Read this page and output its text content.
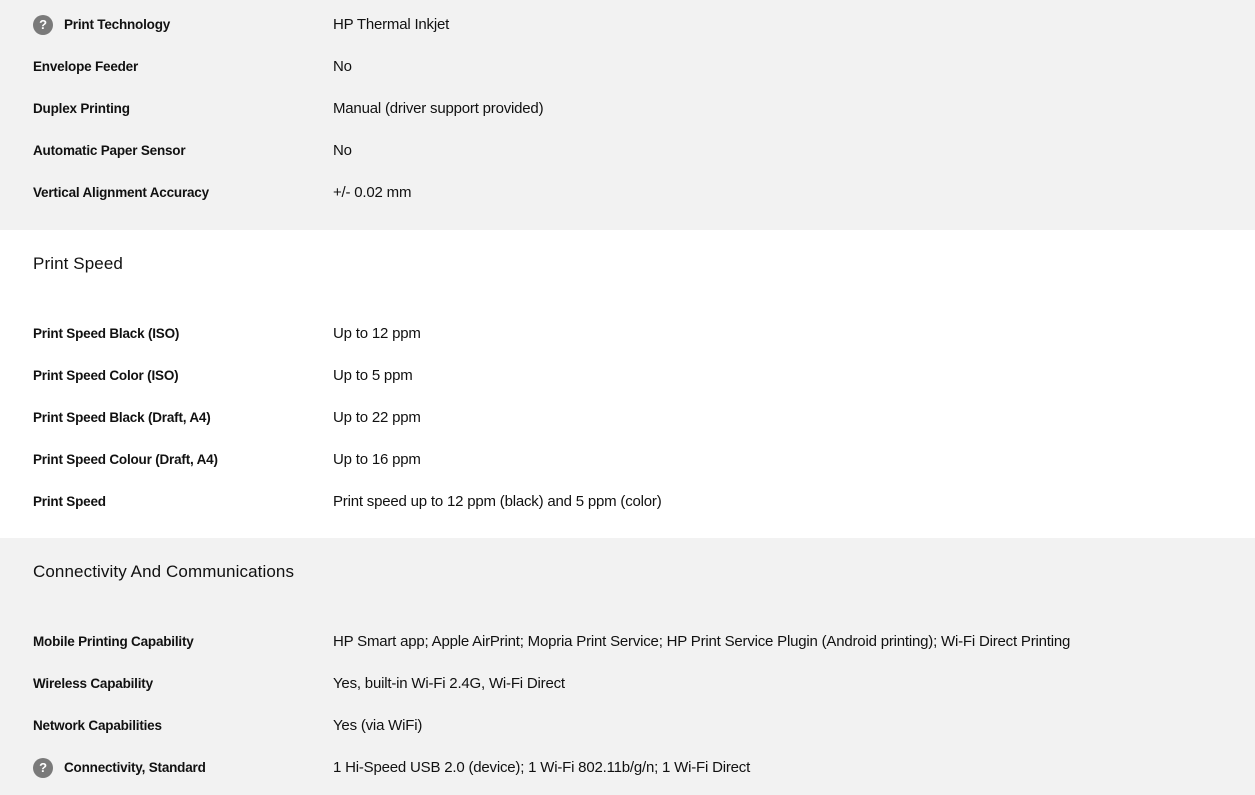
?	Print Technology	HP Thermal Inkjet
Envelope Feeder	No
Duplex Printing	Manual (driver support provided)
Automatic Paper Sensor	No
Vertical Alignment Accuracy	+/- 0.02 mm
Print Speed
Print Speed Black (ISO)	Up to 12 ppm
Print Speed Color (ISO)	Up to 5 ppm
Print Speed Black (Draft, A4)	Up to 22 ppm
Print Speed Colour (Draft, A4)	Up to 16 ppm
Print Speed	Print speed up to 12 ppm (black) and 5 ppm (color)
Connectivity And Communications
Mobile Printing Capability	HP Smart app; Apple AirPrint; Mopria Print Service; HP Print Service Plugin (Android printing); Wi-Fi Direct Printing
Wireless Capability	Yes, built-in Wi-Fi 2.4G, Wi-Fi Direct
Network Capabilities	Yes (via WiFi)
?	Connectivity, Standard	1 Hi-Speed USB 2.0 (device); 1 Wi-Fi 802.11b/g/n; 1 Wi-Fi Direct
